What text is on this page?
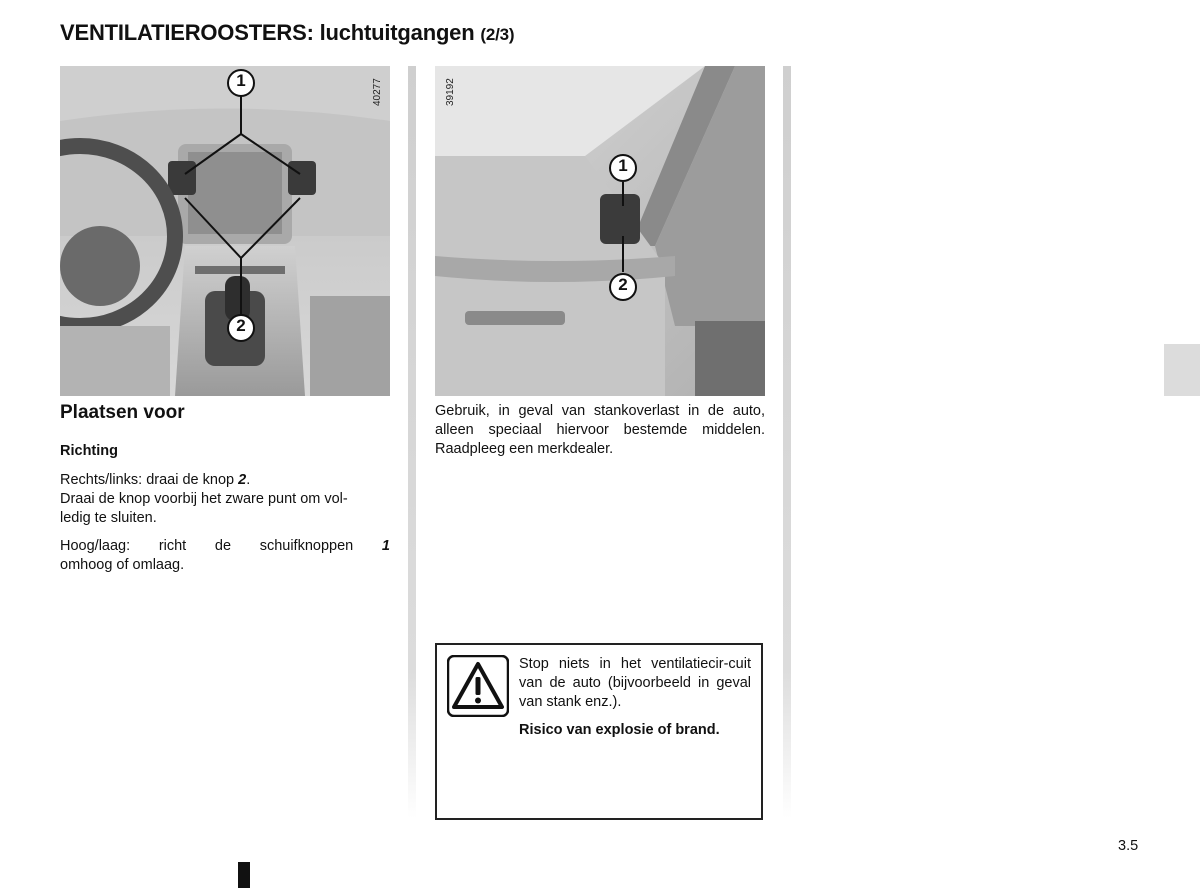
VENTILATIEROOSTERS: luchtuitgangen (2/3)
1
2
40277
1
2
39192
Plaatsen voor
Richting
Rechts/links: draai de knop 2.
Draai de knop voorbij het zware punt om vol-
ledig te sluiten.
Hoog/laag: richt de schuifknoppen 1
omhoog of omlaag.
Gebruik, in geval van stankoverlast in de auto, alleen speciaal hiervoor bestemde middelen. Raadpleeg een merkdealer.
Stop niets in het ventilatiecir-cuit van de auto (bijvoorbeeld in geval van stank enz.).
Risico van explosie of brand.
3.5
